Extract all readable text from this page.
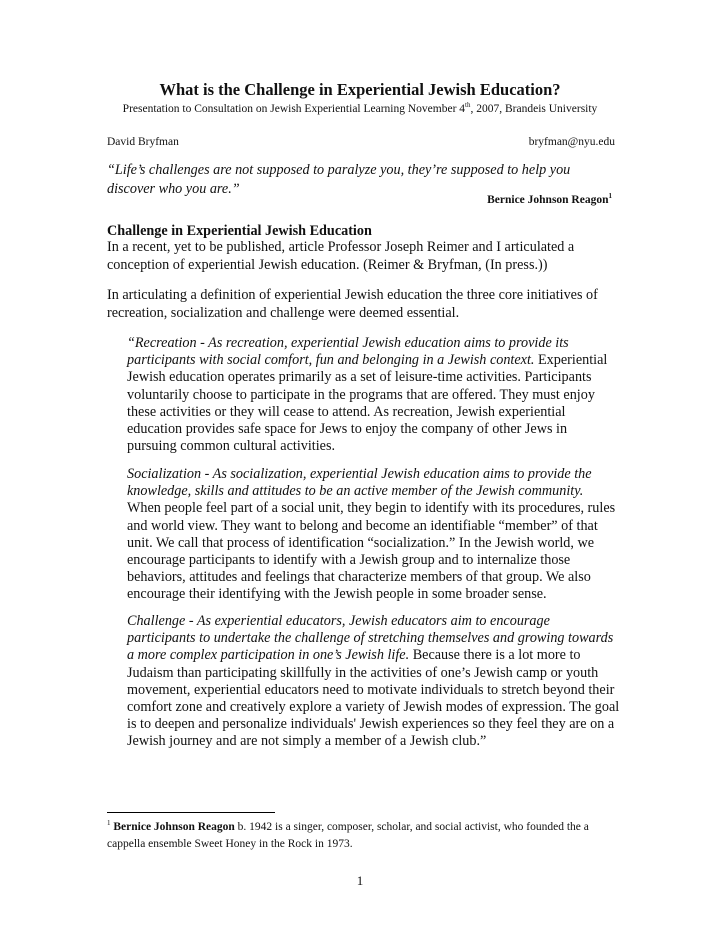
What is the Challenge in Experiential Jewish Education?
Presentation to Consultation on Jewish Experiential Learning November 4th, 2007, Brandeis University
David Bryfman	bryfman@nyu.edu
“Life’s challenges are not supposed to paralyze you, they’re supposed to help you discover who you are.”
Bernice Johnson Reagon$^1$
Challenge in Experiential Jewish Education
In a recent, yet to be published, article Professor Joseph Reimer and I articulated a conception of experiential Jewish education. (Reimer & Bryfman, (In press.))
In articulating a definition of experiential Jewish education the three core initiatives of recreation, socialization and challenge were deemed essential.
“Recreation - As recreation, experiential Jewish education aims to provide its participants with social comfort, fun and belonging in a Jewish context. Experiential Jewish education operates primarily as a set of leisure-time activities. Participants voluntarily choose to participate in the programs that are offered. They must enjoy these activities or they will cease to attend. As recreation, Jewish experiential education provides safe space for Jews to enjoy the company of other Jews in pursuing common cultural activities.
Socialization - As socialization, experiential Jewish education aims to provide the knowledge, skills and attitudes to be an active member of the Jewish community. When people feel part of a social unit, they begin to identify with its procedures, rules and world view. They want to belong and become an identifiable “member” of that unit. We call that process of identification “socialization.” In the Jewish world, we encourage participants to identify with a Jewish group and to internalize those behaviors, attitudes and feelings that characterize members of that group. We also encourage their identifying with the Jewish people in some broader sense.
Challenge - As experiential educators, Jewish educators aim to encourage participants to undertake the challenge of stretching themselves and growing towards a more complex participation in one’s Jewish life. Because there is a lot more to Judaism than participating skillfully in the activities of one’s Jewish camp or youth movement, experiential educators need to motivate individuals to stretch beyond their comfort zone and creatively explore a variety of Jewish modes of expression. The goal is to deepen and personalize individuals' Jewish experiences so they feel they are on a Jewish journey and are not simply a member of a Jewish club.”
$^1$ Bernice Johnson Reagon b. 1942 is a singer, composer, scholar, and social activist, who founded the a cappella ensemble Sweet Honey in the Rock in 1973.
1
